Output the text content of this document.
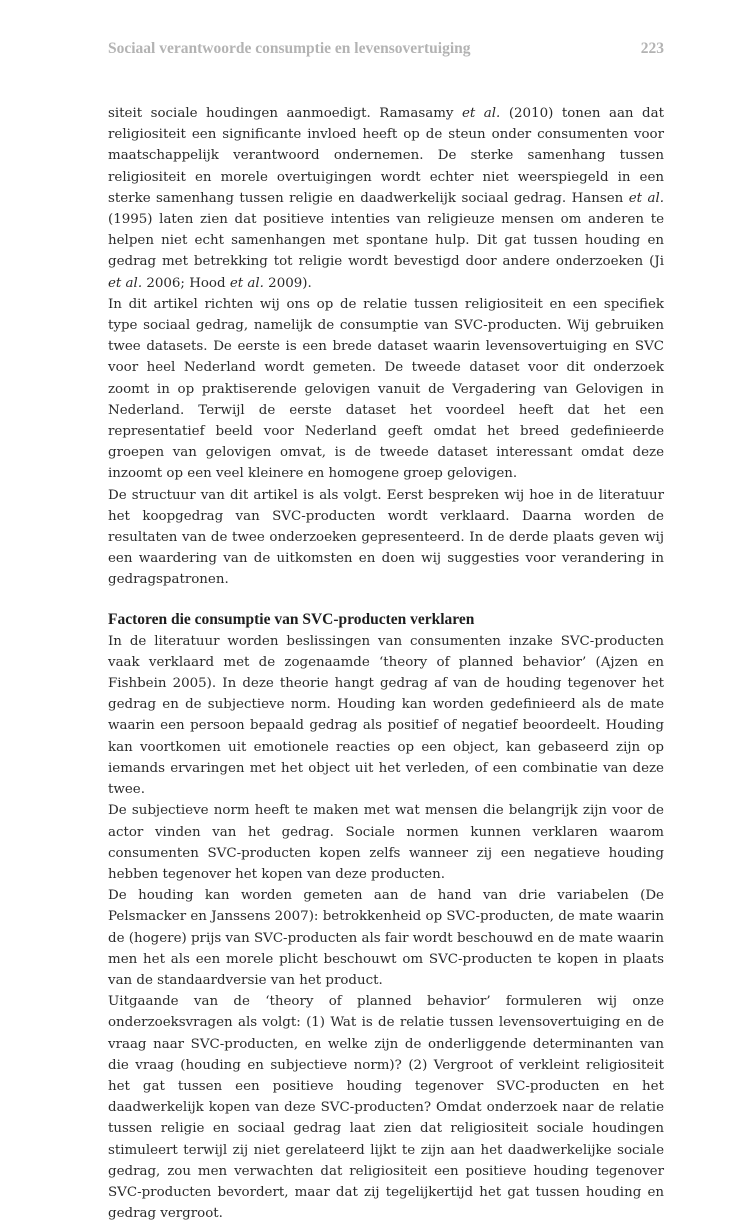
Sociaal verantwoorde consumptie en levensovertuiging	223

siteit sociale houdingen aanmoedigt. Ramasamy et al. (2010) tonen aan dat religiositeit een significante invloed heeft op de steun onder consumenten voor maatschappelijk verantwoord ondernemen. De sterke samenhang tussen religiositeit en morele overtuigingen wordt echter niet weerspiegeld in een sterke samenhang tussen religie en daadwerkelijk sociaal gedrag. Hansen et al. (1995) laten zien dat positieve intenties van religieuze mensen om anderen te helpen niet echt samenhangen met spontane hulp. Dit gat tussen houding en gedrag met betrekking tot religie wordt bevestigd door andere onderzoeken (Ji et al. 2006; Hood et al. 2009).

In dit artikel richten wij ons op de relatie tussen religiositeit en een specifiek type sociaal gedrag, namelijk de consumptie van SVC-producten. Wij gebruiken twee datasets. De eerste is een brede dataset waarin levensovertuiging en SVC voor heel Nederland wordt gemeten. De tweede dataset voor dit onderzoek zoomt in op praktiserende gelovigen vanuit de Vergadering van Gelovigen in Nederland. Terwijl de eerste dataset het voordeel heeft dat het een representatief beeld voor Nederland geeft omdat het breed gedefinieerde groepen van gelovigen omvat, is de tweede dataset interessant omdat deze inzoomt op een veel kleinere en homogene groep gelovigen.

De structuur van dit artikel is als volgt. Eerst bespreken wij hoe in de literatuur het koopgedrag van SVC-producten wordt verklaard. Daarna worden de resultaten van de twee onderzoeken gepresenteerd. In de derde plaats geven wij een waardering van de uitkomsten en doen wij suggesties voor verandering in gedragspatronen.

Factoren die consumptie van SVC-producten verklaren

In de literatuur worden beslissingen van consumenten inzake SVC-producten vaak verklaard met de zogenaamde ‘theory of planned behavior’ (Ajzen en Fishbein 2005). In deze theorie hangt gedrag af van de houding tegenover het gedrag en de subjectieve norm. Houding kan worden gedefinieerd als de mate waarin een persoon bepaald gedrag als positief of negatief beoordeelt. Houding kan voortkomen uit emotionele reacties op een object, kan gebaseerd zijn op iemands ervaringen met het object uit het verleden, of een combinatie van deze twee.

De subjectieve norm heeft te maken met wat mensen die belangrijk zijn voor de actor vinden van het gedrag. Sociale normen kunnen verklaren waarom consumenten SVC-producten kopen zelfs wanneer zij een negatieve houding hebben tegenover het kopen van deze producten.

De houding kan worden gemeten aan de hand van drie variabelen (De Pelsmacker en Janssens 2007): betrokkenheid op SVC-producten, de mate waarin de (hogere) prijs van SVC-producten als fair wordt beschouwd en de mate waarin men het als een morele plicht beschouwt om SVC-producten te kopen in plaats van de standaardversie van het product.

Uitgaande van de ‘theory of planned behavior’ formuleren wij onze onderzoeksvragen als volgt: (1) Wat is de relatie tussen levensovertuiging en de vraag naar SVC-producten, en welke zijn de onderliggende determinanten van die vraag (houding en subjectieve norm)? (2) Vergroot of verkleint religiositeit het gat tussen een positieve houding tegenover SVC-producten en het daadwerkelijk kopen van deze SVC-producten? Omdat onderzoek naar de relatie tussen religie en sociaal gedrag laat zien dat religiositeit sociale houdingen stimuleert terwijl zij niet gerelateerd lijkt te zijn aan het daadwerkelijke sociale gedrag, zou men verwachten dat religiositeit een positieve houding tegenover SVC-producten bevordert, maar dat zij tegelijkertijd het gat tussen houding en gedrag vergroot.
